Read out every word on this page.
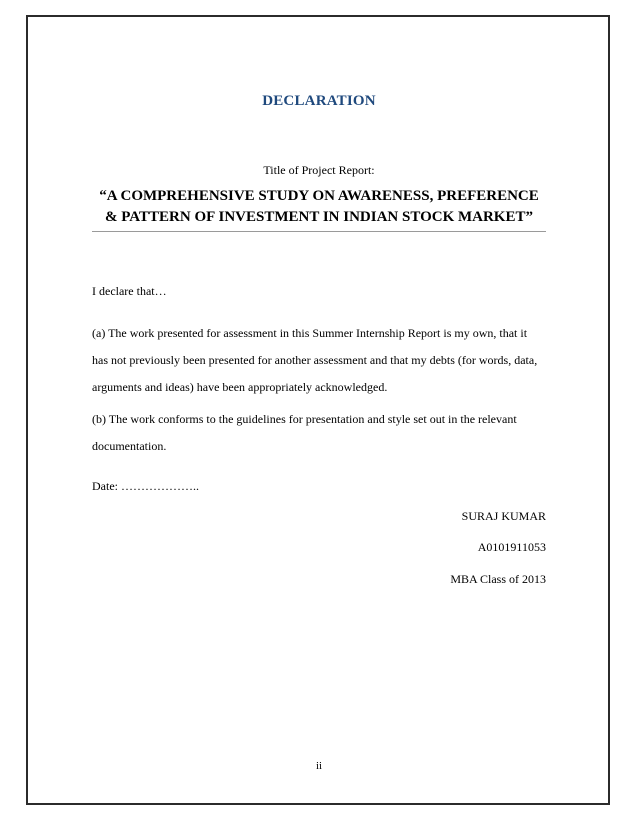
DECLARATION
Title of Project Report:
“A COMPREHENSIVE STUDY ON AWARENESS, PREFERENCE & PATTERN OF INVESTMENT IN INDIAN STOCK MARKET”
I declare that…
(a) The work presented for assessment in this Summer Internship Report is my own, that it has not previously been presented for another assessment and that my debts (for words, data, arguments and ideas) have been appropriately acknowledged.
(b) The work conforms to the guidelines for presentation and style set out in the relevant documentation.
Date: ………………..
SURAJ KUMAR
A0101911053
MBA Class of 2013
ii
